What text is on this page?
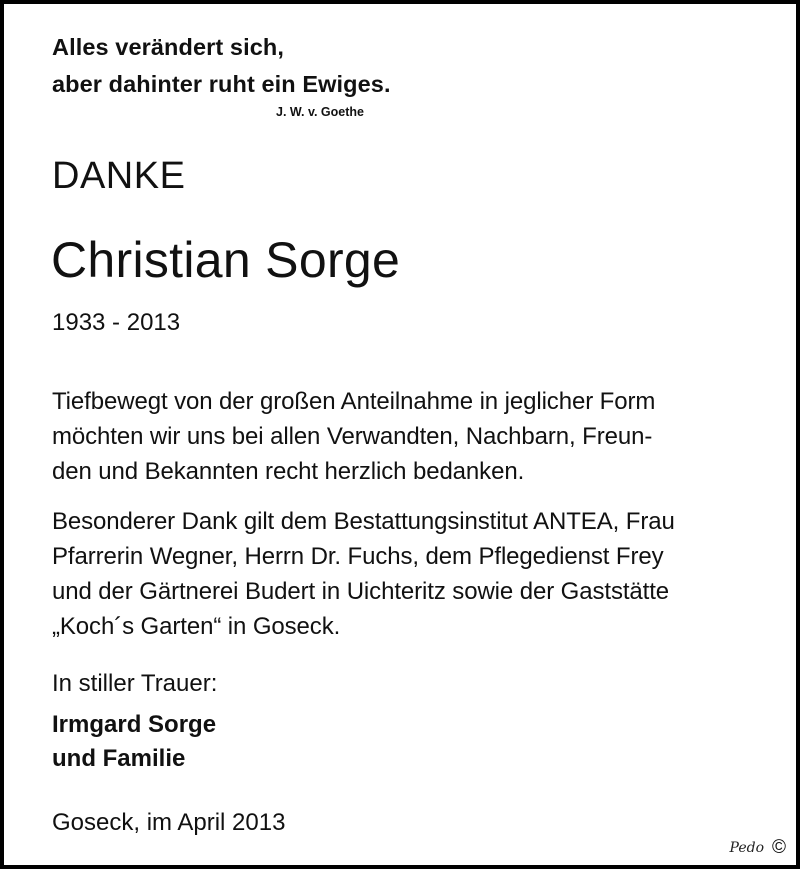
Alles verändert sich,
aber dahinter ruht ein Ewiges.
J. W. v. Goethe
DANKE
Christian Sorge
1933 - 2013
Tiefbewegt von der großen Anteilnahme in jeglicher Form
möchten wir uns bei allen Verwandten, Nachbarn, Freun-
den und Bekannten recht herzlich bedanken.
Besonderer Dank gilt dem Bestattungsinstitut ANTEA, Frau
Pfarrerin Wegner, Herrn Dr. Fuchs, dem Pflegedienst Frey
und der Gärtnerei Budert in Uichteritz sowie der Gaststätte
„Koch´s Garten“ in Goseck.
In stiller Trauer:
Irmgard Sorge
und Familie
Goseck, im April 2013
Pedo ©
